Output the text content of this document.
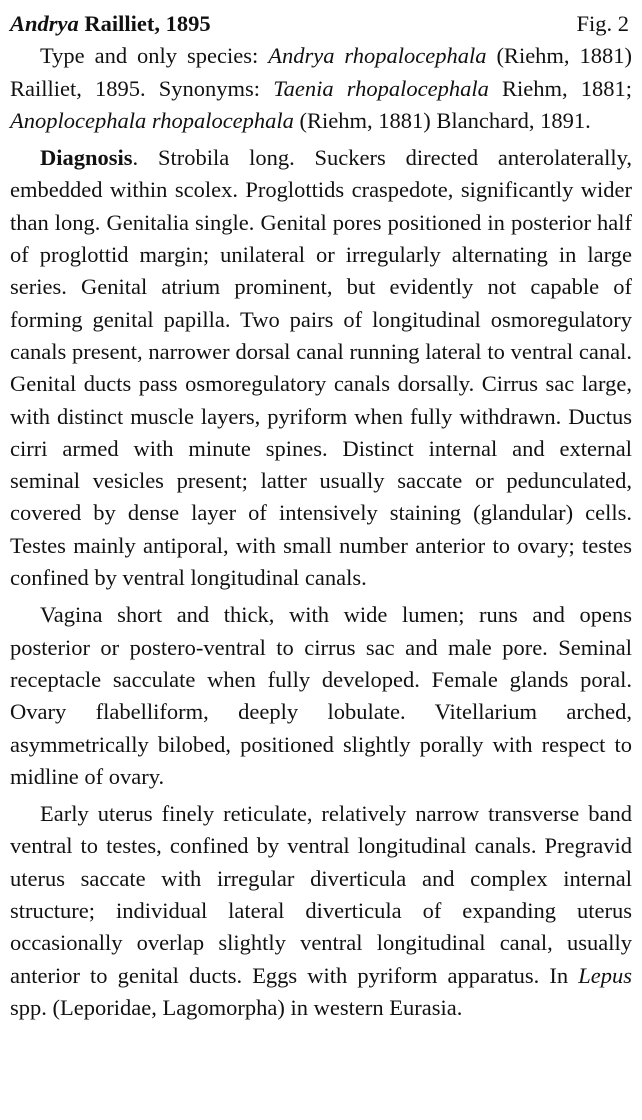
Andrya Railliet, 1895	Fig. 2

Type and only species: Andrya rhopalocephala (Riehm, 1881) Railliet, 1895. Synonyms: Taenia rhopalocephala Riehm, 1881; Anoplocephala rhopalocephala (Riehm, 1881) Blanchard, 1891.

Diagnosis. Strobila long. Suckers directed anterolaterally, embedded within scolex. Proglottids craspedote, significantly wider than long. Genitalia single. Genital pores positioned in posterior half of proglottid margin; unilateral or irregularly alternating in large series. Genital atrium prominent, but evidently not capable of forming genital papilla. Two pairs of longitudinal osmoregulatory canals present, narrower dorsal canal running lateral to ventral canal. Genital ducts pass osmoregulatory canals dorsally. Cirrus sac large, with distinct muscle layers, pyriform when fully withdrawn. Ductus cirri armed with minute spines. Distinct internal and external seminal vesicles present; latter usually saccate or pedunculated, covered by dense layer of intensively staining (glandular) cells. Testes mainly antiporal, with small number anterior to ovary; testes confined by ventral longitudinal canals.

Vagina short and thick, with wide lumen; runs and opens posterior or postero-ventral to cirrus sac and male pore. Seminal receptacle sacculate when fully developed. Female glands poral. Ovary flabelliform, deeply lobulate. Vitellarium arched, asymmetrically bilobed, positioned slightly porally with respect to midline of ovary.

Early uterus finely reticulate, relatively narrow transverse band ventral to testes, confined by ventral longitudinal canals. Pregravid uterus saccate with irregular diverticula and complex internal structure; individual lateral diverticula of expanding uterus occasionally overlap slightly ventral longitudinal canal, usually anterior to genital ducts. Eggs with pyriform apparatus. In Lepus spp. (Leporidae, Lagomorpha) in western Eurasia.
